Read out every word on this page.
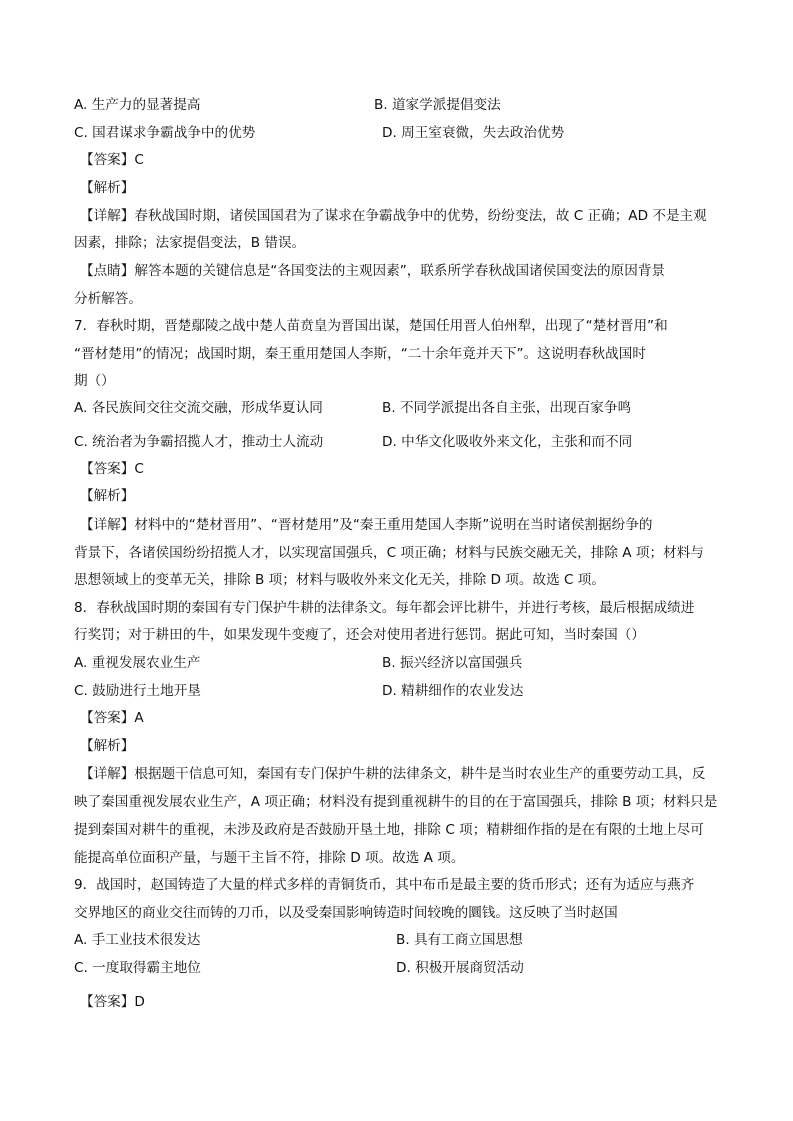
A. 生产力的显著提高	B. 道家学派提倡变法
C. 国君谋求争霸战争中的优势	D. 周王室衰微，失去政治优势
【答案】C
【解析】
【详解】春秋战国时期，诸侯国国君为了谋求在争霸战争中的优势，纷纷变法，故 C 正确；AD 不是主观
因素，排除；法家提倡变法，B 错误。
【点睛】解答本题的关键信息是“各国变法的主观因素”，联系所学春秋战国诸侯国变法的原因背景
分析解答。
7．春秋时期，晋楚鄢陵之战中楚人苗贲皇为晋国出谋，楚国任用晋人伯州犁，出现了“楚材晋用”和
“晋材楚用”的情况；战国时期，秦王重用楚国人李斯，“二十余年竟并天下”。这说明春秋战国时
期（）
A. 各民族间交往交流交融，形成华夏认同	B. 不同学派提出各自主张，出现百家争鸣
C. 统治者为争霸招揽人才，推动士人流动	D. 中华文化吸收外来文化，主张和而不同
【答案】C
【解析】
【详解】材料中的“楚材晋用”、“晋材楚用”及“秦王重用楚国人李斯”说明在当时诸侯割据纷争的
背景下，各诸侯国纷纷招揽人才，以实现富国强兵，C 项正确；材料与民族交融无关，排除 A 项；材料与
思想领域上的变革无关，排除 B 项；材料与吸收外来文化无关，排除 D 项。故选 C 项。
8．春秋战国时期的秦国有专门保护牛耕的法律条文。每年都会评比耕牛，并进行考核，最后根据成绩进
行奖罚；对于耕田的牛，如果发现牛变瘦了，还会对使用者进行惩罚。据此可知，当时秦国（）
A. 重视发展农业生产	B. 振兴经济以富国强兵
C. 鼓励进行土地开垦	D. 精耕细作的农业发达
【答案】A
【解析】
【详解】根据题干信息可知，秦国有专门保护牛耕的法律条文，耕牛是当时农业生产的重要劳动工具，反
映了秦国重视发展农业生产，A 项正确；材料没有提到重视耕牛的目的在于富国强兵，排除 B 项；材料只是
提到秦国对耕牛的重视，未涉及政府是否鼓励开垦土地，排除 C 项；精耕细作指的是在有限的土地上尽可
能提高单位面积产量，与题干主旨不符，排除 D 项。故选 A 项。
9．战国时，赵国铸造了大量的样式多样的青铜货币，其中布币是最主要的货币形式；还有为适应与燕齐
交界地区的商业交往而铸的刀币，以及受秦国影响铸造时间较晚的圜钱。这反映了当时赵国
A. 手工业技术很发达	B. 具有工商立国思想
C. 一度取得霸主地位	D. 积极开展商贸活动
【答案】D
